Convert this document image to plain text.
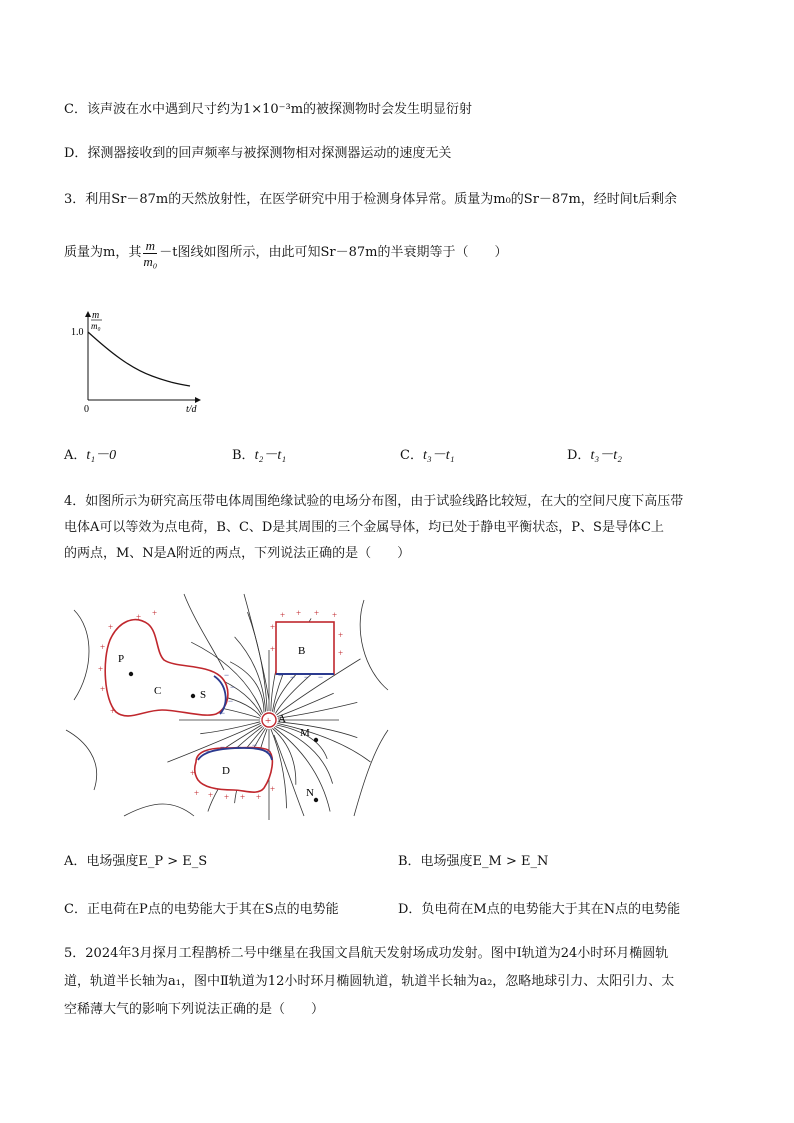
C．该声波在水中遇到尺寸约为1×10⁻³m的被探测物时会发生明显衍射
D．探测器接收到的回声频率与被探测物相对探测器运动的速度无关
3．利用Sr－87m的天然放射性，在医学研究中用于检测身体异常。质量为m₀的Sr－87m，经时间t后剩余
质量为m，其 $\frac{m}{\text{m₀}} -t$图线如图所示，由此可知Sr－87m的半衰期等于（　　）
m
m₀
1.0
0	t/d
A．t₁－0	B．t₂－t₁	C．t₃－t₁	D．t₃－t₂
4．如图所示为研究高压带电体周围绝缘试验的电场分布图，由于试验线路比较短，在大的空间尺度下高压带
电体A可以等效为点电荷，B、C、D是其周围的三个金属导体，均已处于静电平衡状态，P、S是导体C上
的两点，M、N是A附近的两点，下列说法正确的是（　　）
+
P
C	S
B
A
M
D
N
+
+
+
+
+
+ +	+ + + +
+
+
+
+
+ + + + +
+
+
−
−
−
−
− − − −
− − − −
−
A．电场强度E_P > E_S	B．电场强度E_M > E_N
C．正电荷在P点的电势能大于其在S点的电势能	D．负电荷在M点的电势能大于其在N点的电势能
5．2024年3月探月工程鹊桥二号中继星在我国文昌航天发射场成功发射。图中Ⅰ轨道为24小时环月椭圆轨
道，轨道半长轴为a₁，图中Ⅱ轨道为12小时环月椭圆轨道，轨道半长轴为a₂，忽略地球引力、太阳引力、太
空稀薄大气的影响下列说法正确的是（　　）
